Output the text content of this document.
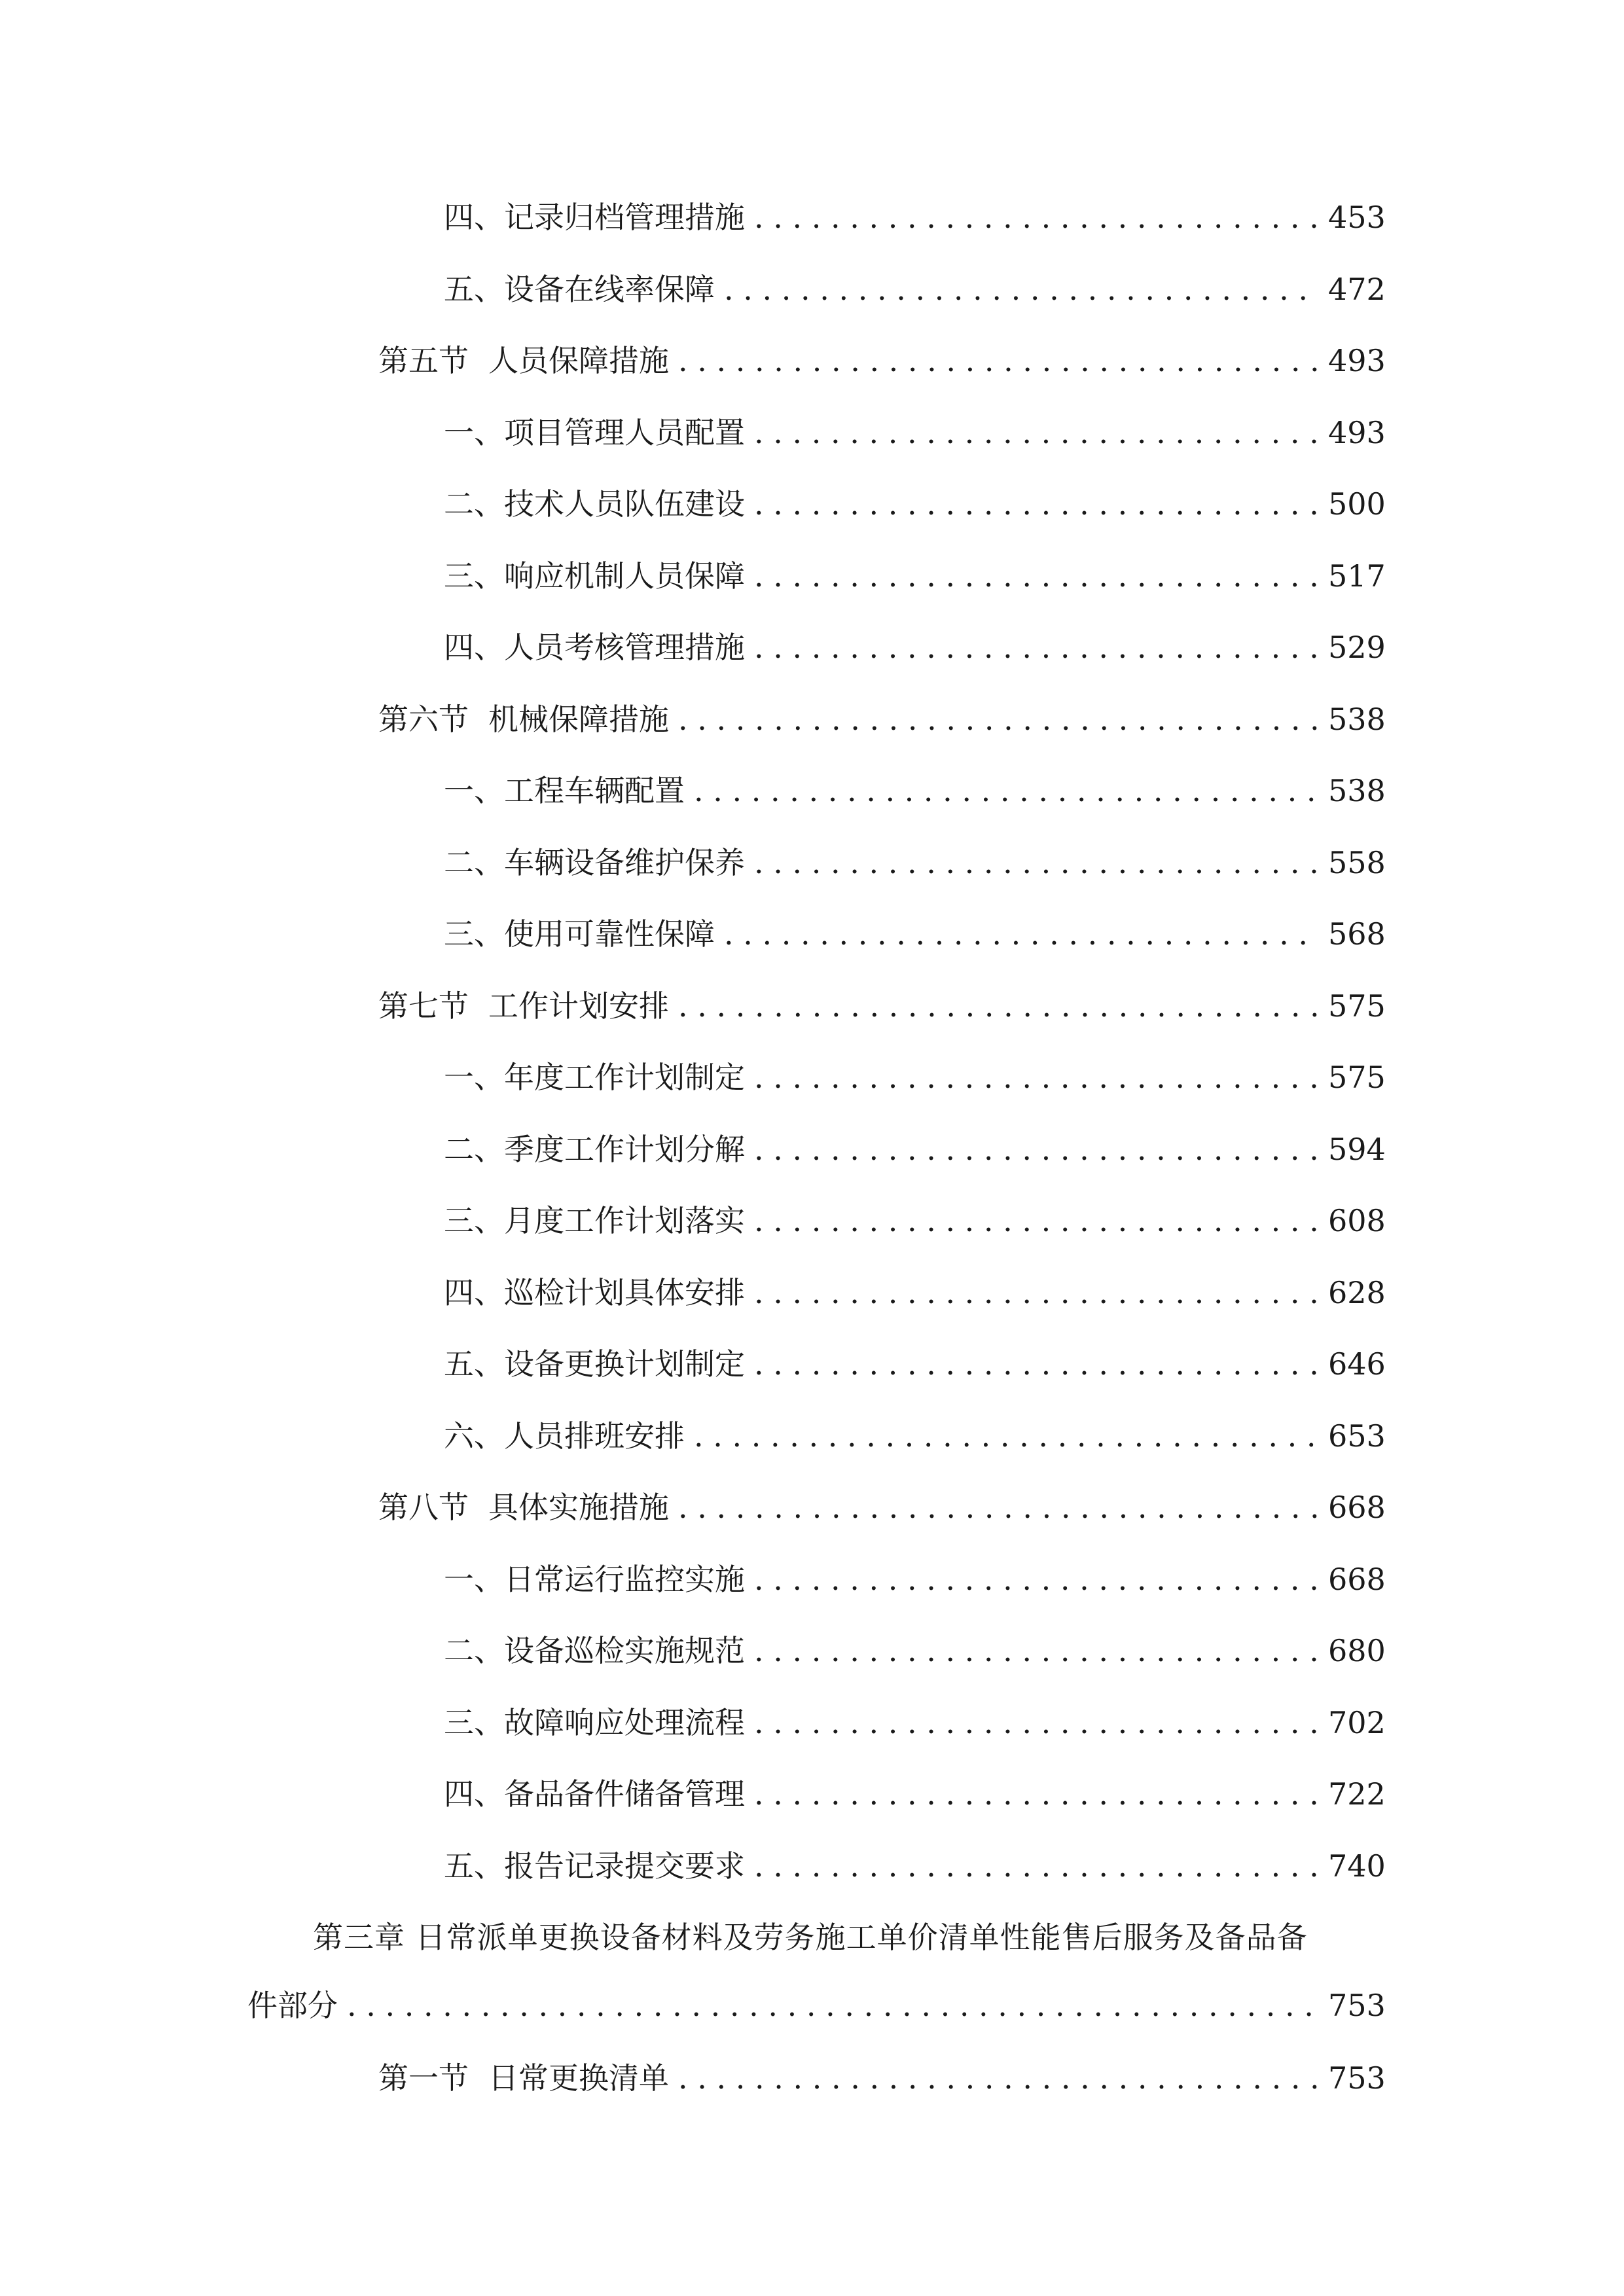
四、 记录归档管理措施 . . .	453
五、 设备在线率保障 . . .	472
第五节 人员保障措施 . . .	493
一、 项目管理人员配置 . . .	493
二、 技术人员队伍建设 . . .	500
三、 响应机制人员保障 . . .	517
四、 人员考核管理措施 . . .	529
第六节 机械保障措施 . . .	538
一、 工程车辆配置 . . .	538
二、 车辆设备维护保养 . . .	558
三、 使用可靠性保障 . . .	568
第七节 工作计划安排 . . .	575
一、 年度工作计划制定 . . .	575
二、 季度工作计划分解 . . .	594
三、 月度工作计划落实 . . .	608
四、 巡检计划具体安排 . . .	628
五、 设备更换计划制定 . . .	646
六、 人员排班安排 . . .	653
第八节 具体实施措施 . . .	668
一、 日常运行监控实施 . . .	668
二、 设备巡检实施规范 . . .	680
三、 故障响应处理流程 . . .	702
四、 备品备件储备管理 . . .	722
五、 报告记录提交要求 . . .	740
第三章 日常派单更换设备材料及劳务施工单价清单性能售后服务及备品备
件部分 . . .	753
第一节 日常更换清单 . . .	753
